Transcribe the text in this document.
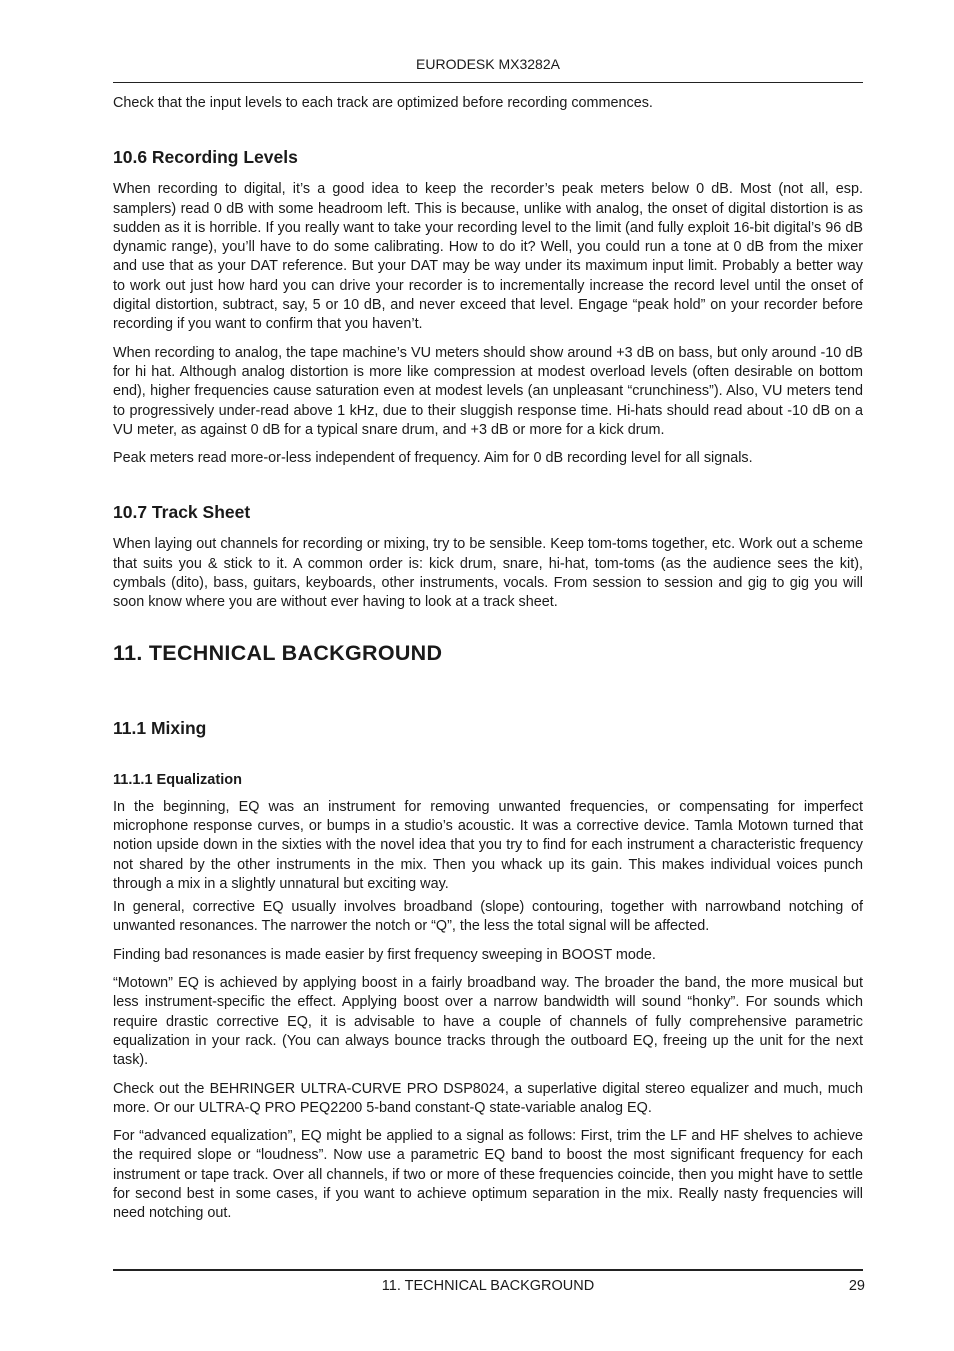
EURODESK MX3282A

Check that the input levels to each track are optimized before recording commences.

10.6 Recording Levels

When recording to digital, it’s a good idea to keep the recorder’s peak meters below 0 dB. Most (not all, esp. samplers) read 0 dB with some headroom left. This is because, unlike with analog, the onset of digital distortion is as sudden as it is horrible. If you really want to take your recording level to the limit (and fully exploit 16-bit digital’s 96 dB dynamic range), you’ll have to do some calibrating. How to do it? Well, you could run a tone at 0 dB from the mixer and use that as your DAT reference. But your DAT may be way under its maximum input limit. Probably a better way to work out just how hard you can drive your recorder is to incrementally increase the record level until the onset of digital distortion, subtract, say, 5 or 10 dB, and never exceed that level. Engage “peak hold” on your recorder before recording if you want to confirm that you haven’t.

When recording to analog, the tape machine’s VU meters should show around +3 dB on bass, but only around -10 dB for hi hat. Although analog distortion is more like compression at modest overload levels (often desirable on bottom end), higher frequencies cause saturation even at modest levels (an unpleasant “crunchiness”). Also, VU meters tend to progressively under-read above 1 kHz, due to their sluggish response time. Hi-hats should read about -10 dB on a VU meter, as against 0 dB for a typical snare drum, and +3 dB or more for a kick drum.

Peak meters read more-or-less independent of frequency. Aim for 0 dB recording level for all signals.

10.7 Track Sheet

When laying out channels for recording or mixing, try to be sensible. Keep tom-toms together, etc. Work out a scheme that suits you & stick to it. A common order is: kick drum, snare, hi-hat, tom-toms (as the audience sees the kit), cymbals (dito), bass, guitars, keyboards, other instruments, vocals. From session to session and gig to gig you will soon know where you are without ever having to look at a track sheet.

11. TECHNICAL BACKGROUND
11.1 Mixing
11.1.1 Equalization

In the beginning, EQ was an instrument for removing unwanted frequencies, or compensating for imperfect microphone response curves, or bumps in a studio’s acoustic. It was a corrective device. Tamla Motown turned that notion upside down in the sixties with the novel idea that you try to find for each instrument a characteristic frequency not shared by the other instruments in the mix. Then you whack up its gain. This makes individual voices punch through a mix in a slightly unnatural but exciting way.

In general, corrective EQ usually involves broadband (slope) contouring, together with narrowband notching of unwanted resonances. The narrower the notch or “Q”, the less the total signal will be affected.

Finding bad resonances is made easier by first frequency sweeping in BOOST mode.

“Motown” EQ is achieved by applying boost in a fairly broadband way. The broader the band, the more musical but less instrument-specific the effect. Applying boost over a narrow bandwidth will sound “honky”. For sounds which require drastic corrective EQ, it is advisable to have a couple of channels of fully comprehensive parametric equalization in your rack. (You can always bounce tracks through the outboard EQ, freeing up the unit for the next task).

Check out the BEHRINGER ULTRA-CURVE PRO DSP8024, a superlative digital stereo equalizer and much, much more. Or our ULTRA-Q PRO PEQ2200 5-band constant-Q state-variable analog EQ.

For “advanced equalization”, EQ might be applied to a signal as follows: First, trim the LF and HF shelves to achieve the required slope or “loudness”. Now use a parametric EQ band to boost the most significant frequency for each instrument or tape track. Over all channels, if two or more of these frequencies coincide, then you might have to settle for second best in some cases, if you want to achieve optimum separation in the mix. Really nasty frequencies will need notching out.

11. TECHNICAL BACKGROUND	29
